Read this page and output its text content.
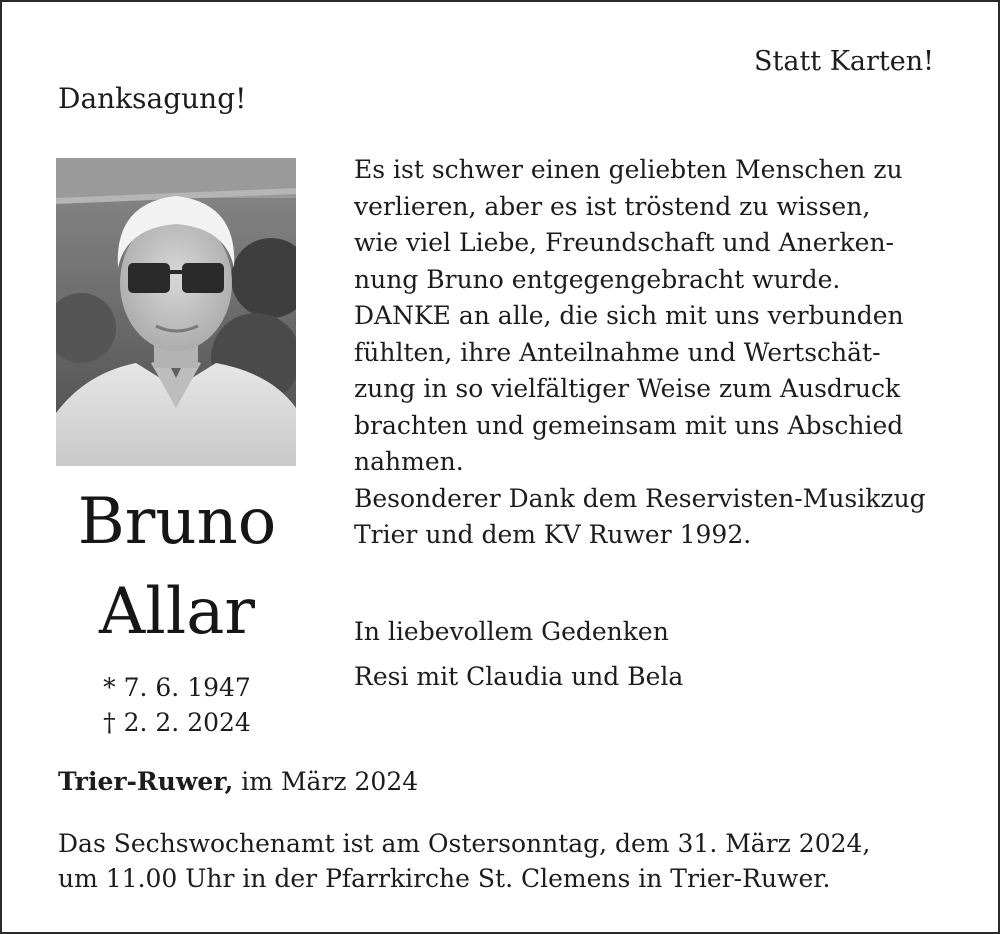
Statt Karten!
Danksagung!
Bruno
Allar
* 7. 6. 1947
† 2. 2. 2024
Es ist schwer einen geliebten Menschen zu
verlieren, aber es ist tröstend zu wissen,
wie viel Liebe, Freundschaft und Anerken-
nung Bruno entgegengebracht wurde.
DANKE an alle, die sich mit uns verbunden
fühlten, ihre Anteilnahme und Wertschät-
zung in so vielfältiger Weise zum Ausdruck
brachten und gemeinsam mit uns Abschied
nahmen.
Besonderer Dank dem Reservisten-Musikzug
Trier und dem KV Ruwer 1992.
In liebevollem Gedenken
Resi mit Claudia und Bela
Trier-Ruwer, im März 2024
Das Sechswochenamt ist am Ostersonntag, dem 31. März 2024,
um 11.00 Uhr in der Pfarrkirche St. Clemens in Trier-Ruwer.
